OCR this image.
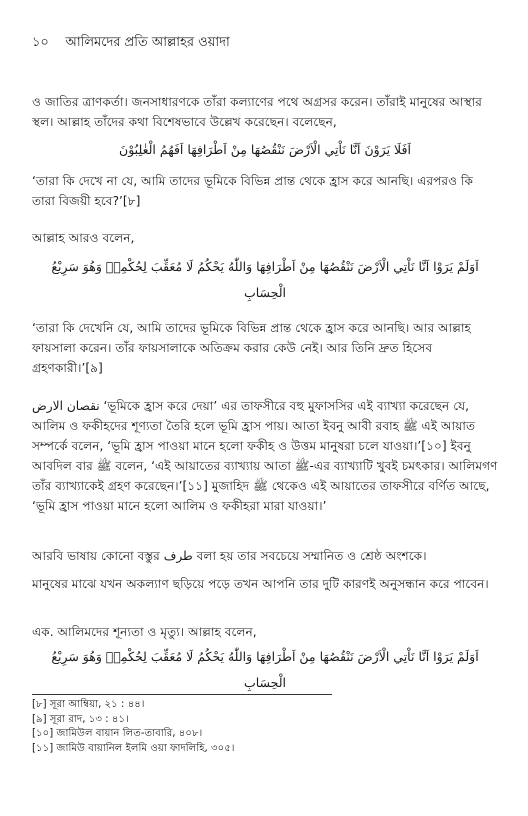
১০ আলিমদের প্রতি আল্লাহর ওয়াদা

ও জাতির ত্রাণকর্তা। জনসাধারণকে তাঁরা কল্যাণের পথে অগ্রসর করেন। তাঁরাই মানুষের আস্থার স্থল। আল্লাহ তাঁদের কথা বিশেষভাবে উল্লেখ করেছেন। বলেছেন,

اَفَلَا يَرَوْنَ اَنَّا نَاْتِي الْاَرْضَ نَنْقُصُهَا مِنْ اَطْرَافِهَا اَفَهُمُ الْغٰلِبُوْنَ

‘তারা কি দেখে না যে, আমি তাদের ভূমিকে বিভিন্ন প্রান্ত থেকে হ্রাস করে আনছি। এরপরও কি তারা বিজয়ী হবে?’[৮]

আল্লাহ আরও বলেন,

اَوَلَمْ يَرَوْا اَنَّا نَاْتِي الْاَرْضَ نَنْقُصُهَا مِنْ اَطْرَافِهَا وَاللّٰهُ يَحْكُمُ لَا مُعَقِّبَ لِحُكْمِهٖ وَهُوَ سَرِيْعُ الْحِسَابِ

‘তারা কি দেখেনি যে, আমি তাদের ভূমিকে বিভিন্ন প্রান্ত থেকে হ্রাস করে আনছি। আর আল্লাহ ফায়সালা করেন। তাঁর ফায়সালাকে অতিক্রম করার কেউ নেই। আর তিনি দ্রুত হিসেব গ্রহণকারী।’[৯]

نقصان الارض ‘ভূমিকে হ্রাস করে দেয়া’ এর তাফসীরে বহু মুফাসসির এই ব্যাখ্যা করেছেন যে, আলিম ও ফকীহদের শূণ্যতা তৈরি হলে ভূমি হ্রাস পায়। আতা ইবনু আবী রবাহ ﷺ এই আয়াত সম্পর্কে বলেন, ‘ভূমি হ্রাস পাওয়া মানে হলো ফকীহ ও উত্তম মানুষরা চলে যাওয়া।’[১০] ইবনু আবদিল বার ﷺ বলেন, ‘এই আয়াতের ব্যাখ্যায় আতা ﷺ-এর ব্যাখ্যাটি খুবই চমৎকার। আলিমগণ তাঁর ব্যাখ্যাকেই গ্রহণ করেছেন।’[১১] মুজাহিদ ﷺ থেকেও এই আয়াতের তাফসীরে বর্ণিত আছে, ‘ভূমি হ্রাস পাওয়া মানে হলো আলিম ও ফকীহরা মারা যাওয়া।’

আরবি ভাষায় কোনো বস্তুর طرف বলা হয় তার সবচেয়ে সম্মানিত ও শ্রেষ্ঠ অংশকে।

মানুষের মাঝে যখন অকল্যাণ ছড়িয়ে পড়ে তখন আপনি তার দুটি কারণই অনুসন্ধান করে পাবেন।

এক. আলিমদের শূন্যতা ও মৃত্যু। আল্লাহ বলেন,

اَوَلَمْ يَرَوْا اَنَّا نَاْتِي الْاَرْضَ نَنْقُصُهَا مِنْ اَطْرَافِهَا وَاللّٰهُ يَحْكُمُ لَا مُعَقِّبَ لِحُكْمِهٖ وَهُوَ سَرِيْعُ الْحِسَابِ

[৮] সূরা আম্বিয়া, ২১ : ৪৪।
[৯] সূরা রাদ, ১৩ : ৪১।
[১০] জামিউল বায়ান লিত-তাবারি, ৪০৮।
[১১] জামিউ বায়ানিল ইলমি ওয়া ফাদলিহি, ৩০৫।
